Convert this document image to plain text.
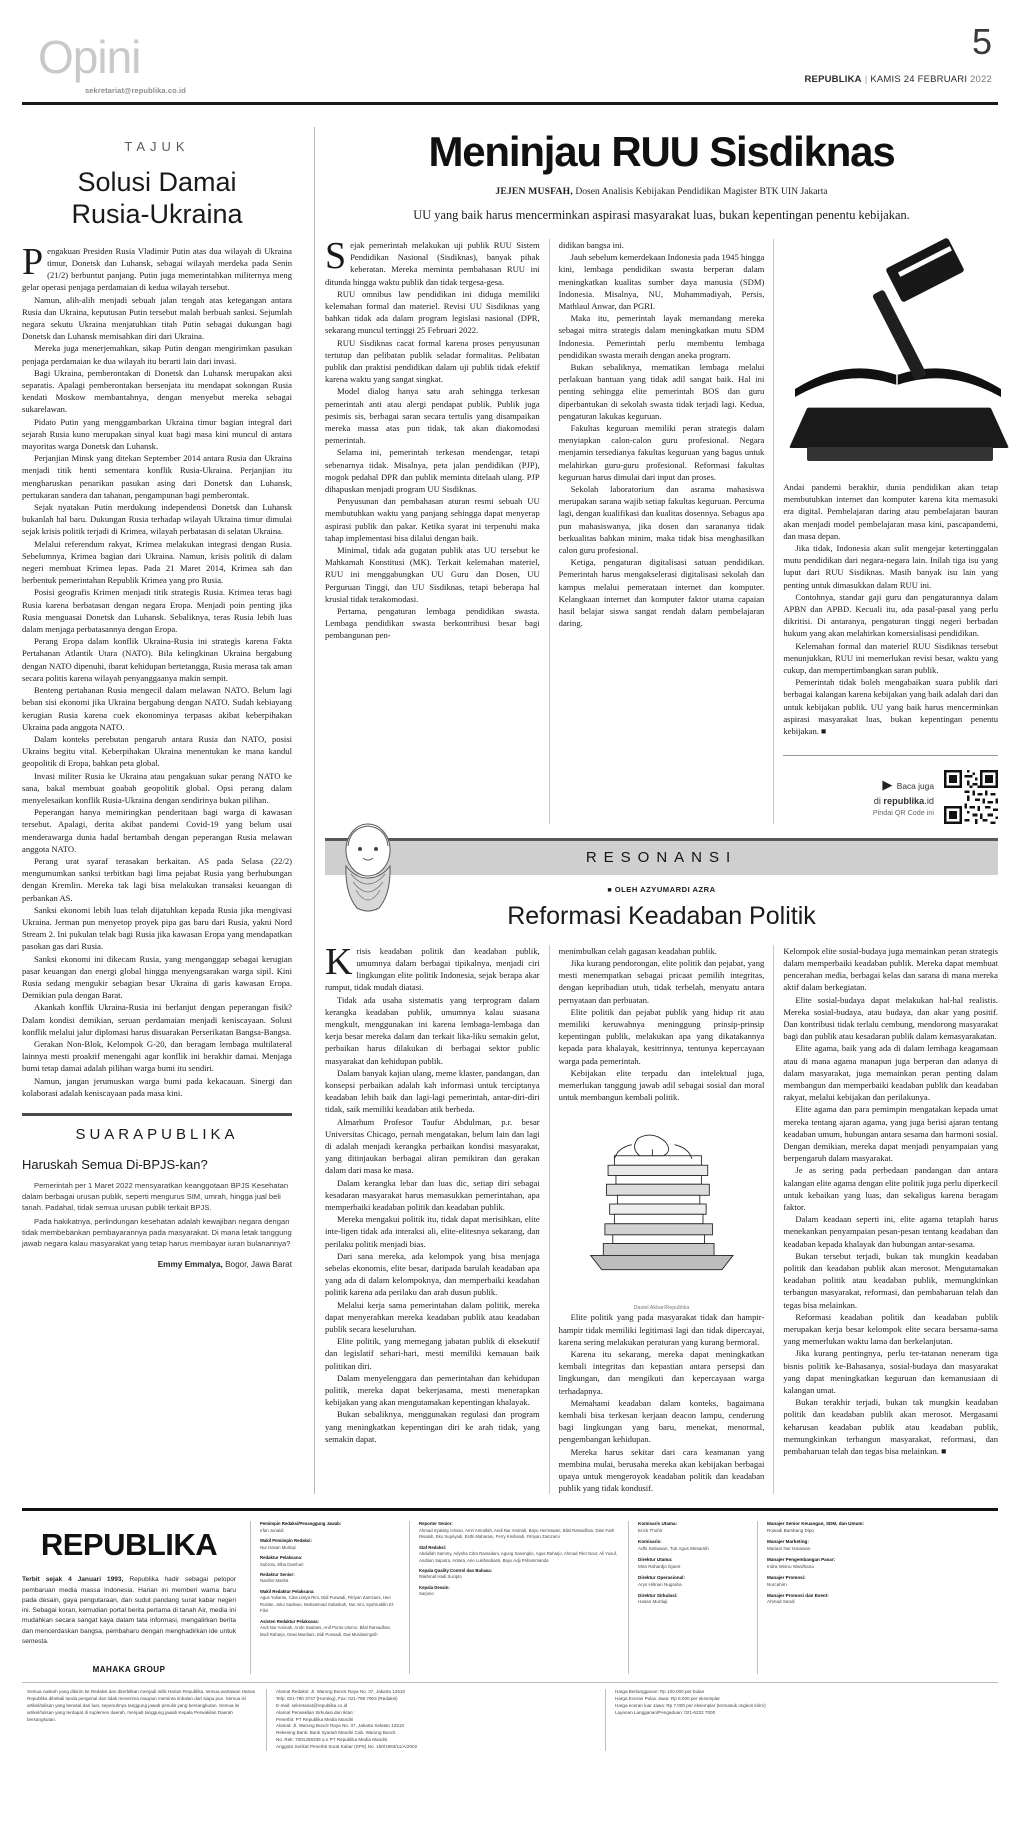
Opini
sekretariat@republika.co.id
5
REPUBLIKA | KAMIS 24 FEBRUARI 2022
TAJUK
Solusi Damai
Rusia-Ukraina

Pengakuan Presiden Rusia Vladimir Putin atas dua wilayah di Ukraina timur, Donetsk dan Luhansk, sebagai wilayah merdeka pada Senin (21/2) berbuntut panjang. Putin juga memerintahkan militernya meng gelar operasi penjaga perdamaian di kedua wilayah tersebut.

Namun, alih-alih menjadi sebuah jalan tengah atas ketegangan antara Rusia dan Ukraina, keputusan Putin tersebut malah berbuah sanksi. Sejumlah negara sekutu Ukraina menjatuhkan titah Putin sebagai dukungan bagi Donetsk dan Luhansk memisahkan diri dari Ukraina.

Mereka juga menerjemahkan, sikap Putin dengan mengirimkan pasukan penjaga perdamaian ke dua wilayah itu berarti lain dari invasi.

Bagi Ukraina, pemberontakan di Donetsk dan Luhansk merupakan aksi separatis. Apalagi pemberontakan bersenjata itu mendapat sokongan Rusia kendati Moskow membantahnya, dengan menyebut mereka sebagai sukarelawan.

Pidato Putin yang menggambarkan Ukraina timur bagian integral dari sejarah Rusia kuno merupakan sinyal kuat bagi masa kini muncul di antara mayoritas warga Donetsk dan Luhansk.

Perjanjian Minsk yang ditekan September 2014 antara Rusia dan Ukraina menjadi titik henti sementara konflik Rusia-Ukraina. Perjanjian itu mengharuskan penarikan pasukan asing dari Donetsk dan Luhansk, pertukaran sandera dan tahanan, pengampunan bagi pemberontak.

Sejak nyatakan Putin merdukung independensi Donetsk dan Luhansk bukanlah hal baru. Dukungan Rusia terhadap wilayah Ukraina timur dimulai sejak krisis politik terjadi di Krimea, wilayah perbatasan di selatan Ukraina.

Melalui referendum rakyat, Krimea melakukan integrasi dengan Rusia. Sebelumnya, Krimea bagian dari Ukraina. Namun, krisis politik di dalam negeri membuat Krimea lepas. Pada 21 Maret 2014, Krimea sah dan berbentuk pemerintahan Republik Krimea yang pro Rusia.

Posisi geografis Krimen menjadi titik strategis Rusia. Krimea teras bagi Rusia karena berbatasan dengan negara Eropa. Menjadi poin penting jika Rusia menguasai Donetsk dan Luhansk. Sebaliknya, teras Rusia lebih luas dalam menjaga perbatasannya dengan Eropa.

Perang Eropa dalam konflik Ukraina-Rusia ini strategis karena Fakta Pertahanan Atlantik Utara (NATO). Bila kelingkinan Ukraina bergabung dengan NATO dipenuhi, ibarat kehidupan bertetangga, Rusia merasa tak aman secara politis karena wilayah penyanggaanya makin sempit.

Benteng pertahanan Rusia mengecil dalam melawan NATO. Belum lagi beban sisi ekonomi jika Ukraina bergabung dengan NATO. Sudah kebiayang kerugian Rusia karena cuek ekonominya terpasas akibat keberpihakan Ukraina pada anggota NATO.

Dalam konteks perebutan pengaruh antara Rusia dan NATO, posisi Ukrains begitu vital. Keberpihakan Ukraina menentukan ke mana kandul geopolitik di Eropa, bahkan peta global.

Invasi militer Rusia ke Ukraina atau pengakuan sukar perang NATO ke sana, bakal membuat goabah geopolitik global. Opsi perang dalam menyelesaikan konflik Rusia-Ukraina dengan sendirinya bukan pilihan.

Peperangan hanya memiringkan penderitaan bagi warga di kawasan tersebut. Apalagi, derita akibat pandemi Covid-19 yang belum usai menderawarga dunia hadal bertambah dengan peperangan Rusia melawan anggota NATO.

Perang urat syaraf terasakan berkaitan. AS pada Selasa (22/2) mengumumkan sanksi terbitkan bagi lima pejabat Rusia yang berhubungan dengan Kremlin. Mereka tak lagi bisa melakukan transaksi keuangan di perbankan AS.

Sanksi ekonomi lebih luas telah dijatuhkan kepada Rusia jika mengivasi Ukraina. Jerman pun menyetop proyek pipa gas baru dari Rusia, yakni Nord Stream 2. Ini pukulan telak bagi Rusia jika kawasan Eropa yang mendapatkan pasokan gas dari Rusia.

Sanksi ekonomi ini dikecam Rusia, yang menganggap sebagai kerugian pasar keuangan dan energi global hingga menyengsarakan warga sipil. Kini Rusia sedang mengukir sebagian besar Ukraina di garis kawasan Eropa. Demikian pula dengan Barat.

Akankah konflik Ukraina-Rusia ini berlanjut dengan peperangan fisik? Dalam kondisi demikian, seruan perdamaian menjadi keniscayaan. Solusi konflik melalui jalur diplomasi harus disuarakan Perserikatan Bangsa-Bangsa.

Gerakan Non-Blok, Kelompok G-20, dan beragam lembaga multilateral lainnya mesti proaktif menengahi agar konflik ini berakhir damai. Menjaga bumi tetap damai adalah pilihan warga bumi itu sendiri.

Namun, jangan jerumuskan warga bumi pada kekacauan. Sinergi dan kolaborasi adalah keniscayaan pada masa kini.

SUARAPUBLIKA
Haruskah Semua Di-BPJS-kan?

Pemerintah per 1 Maret 2022 mensyaratkan keanggotaan BPJS Kesehatan dalam berbagai urusan publik, seperti mengurus SIM, umrah, hingga jual beli tanah. Padahal, tidak semua urusan publik terkait BPJS.

Pada hakikatnya, perlindungan kesehatan adalah kewajiban negara dengan tidak membebankan pembayarannya pada masyarakat. Di mana letak tanggung jawab negara kalau masyarakat yang tetap harus membayar iuran bulanannya?

Emmy Emmalya, Bogor, Jawa Barat
Meninjau RUU Sisdiknas
JEJEN MUSFAH, Dosen Analisis Kebijakan Pendidikan Magister BTK UIN Jakarta
UU yang baik harus mencerminkan aspirasi masyarakat luas, bukan kepentingan penentu kebijakan.

Sejak pemerintah melakukan uji publik RUU Sistem Pendidikan Nasional (Sisdiknas), banyak pihak keberatan. Mereka meminta pembahasan RUU ini ditunda hingga waktu publik dan tidak tergesa-gesa.

RUU omnibus law pendidikan ini diduga memiliki kelemahan formal dan materiel. Revisi UU Sisdiknas yang bahkan tidak ada dalam program legislasi nasional (DPR, sekarang muncul tertinggi 25 Februari 2022.

RUU Sisdiknas cacat formal karena proses penyusunan tertutup dan pelibatan publik seladar formalitas. Pelibatan publik dan praktisi pendidikan dalam uji publik tidak efektif karena waktu yang sangat singkat.

Model dialog hanya satu arah sehingga terkesan pemerintah anti atau alergi pendapat publik. Publik juga pesimis sis, berbagai saran secara tertulis yang disampaikan mereka massa atas pun tidak, tak akan diakomodasi pemerintah.

Selama ini, pemerintah terkesan mendengar, tetapi sebenarnya tidak. Misalnya, peta jalan pendidikan (PJP), mogok pedahal DPR dan publik meminta ditelaah ulang. PJP dihapuskan menjadi program UU Sisdiknas.

Penyusunan dan pembahasan aturan resmi sebuah UU membutuhkan waktu yang panjang sehingga dapat menyerap aspirasi publik dan pakar. Ketika syarat ini terpenuhi maka tahap implementasi bisa dilalui dengan baik.

Minimal, tidak ada gugatan publik atas UU tersebut ke Mahkamah Konstitusi (MK). Terkait kelemahan materiel, RUU ini menggabungkan UU Guru dan Dosen, UU Perguruan Tinggi, dan UU Sisdiknas, tetapi beberapa hal krusial tidak terakomodasi.

Pertama, pengaturan lembaga pendidikan swasta. Lembaga pendidikan swasta berkontribusi besar bagi pembangunan pen-

didikan bangsa ini.

Jauh sebelum kemerdekaan Indonesia pada 1945 hingga kini, lembaga pendidikan swasta berperan dalam meningkatkan kualitas sumber daya manusia (SDM) Indonesia. Misalnya, NU, Muhammadiyah, Persis, Mathlaul Anwar, dan PGRI.

Maka itu, pemerintah layak memandang mereka sebagai mitra strategis dalam meningkatkan mutu SDM Indonesia. Pemerintah perlu membentu lembaga pendidikan swasta meraih dengan aneka program.

Bukan sebaliknya, mematikan lembaga melalui perlakuan bantuan yang tidak adil sangat baik. Hal ini penting sehingga elite pemerintah BOS dan guru diperbantukan di sekolah swasta tidak terjadi lagi. Kedua, pengaturan lakukas keguruan.

Fakultas keguruan memiliki peran strategis dalam menyiapkan calon-calon guru profesional. Negara menjamin tersedianya fakultas keguruan yang bagus untuk melahirkan guru-guru profesional. Reformasi fakultas keguruan harus dimulai dari input dan proses.

Sekolah laboratorium dan asrama mahasiswa merupakan sarana wajib setiap fakultas keguruan. Percuma lagi, dengan kualifikasi dan kualitas dosennya. Sebagus apa pun mahasiswanya, jika dosen dan sarananya tidak berkualitas bahkan minim, maka tidak bisa menghasilkan calon guru profesional.

Ketiga, pengaturan digitalisasi satuan pendidikan. Pemerintah harus mengakselerasi digitalisasi sekolah dan kampus melalui pemerataan internet dan komputer. Kelangkaan internet dan komputer faktor utama capaian hasil belajar siswa sangat rendah dalam pembelajaran daring.

Andai pandemi berakhir, dunia pendidikan akan tetap membutuhkan internet dan komputer karena kita memasuki era digital. Pembelajaran daring atau pembelajaran bauran akan menjadi model pembelajaran masa kini, pascapandemi, dan masa depan.

Jika tidak, Indonesia akan sulit mengejar ketertinggalan mutu pendidikan dari negara-negara lain. Inilah tiga isu yang luput dari RUU Sisdiknas. Masih banyak isu lain yang penting untuk dimasukkan dalam RUU ini.

Contohnya, standar gaji guru dan pengaturannya dalam APBN dan APBD. Kecuali itu, ada pasal-pasal yang perlu dikritisi. Di antaranya, pengaturan tinggi negeri berbadan hukum yang akan melahirkan komersialisasi pendidikan.

Kelemahan formal dan materiel RUU Sisdiknas tersebut menunjukkan, RUU ini memerlukan revisi besar, waktu yang cukup, dan mempertimbangkan saran publik.

Pemerintah tidak boleh mengabaikan suara publik dari berbagai kalangan karena kebijakan yang baik adalah dari dan untuk kebijakan publik. UU yang baik harus mencerminkan aspirasi masyarakat luas, bukan kepentingan penentu kebijakan. ■

▶ Baca juga
di republika.id
Pindai QR Code ini
RESONANSI
■ OLEH AZYUMARDI AZRA
Reformasi Keadaban Politik

Krisis keadaban politik dan keadaban publik, umumnya dalam berbagai tipikalnya, menjadi ciri lingkungan elite politik Indonesia, sejak berapa akar rumput, tidak mudah diatasi.

Tidak ada usaha sistematis yang terprogram dalam kerangka keadaban publik, umumnya kalau suasana mengkult, menggunakan ini karena lembaga-lembaga dan kerja besar mereka dalam dan terkait lika-liku semakin gelut, perbaikan harus dilakukan di berbagai sektor public masyarakat dan kehidupan publik.

Dalam banyak kajian ulang, meme klaster, pandangan, dan konsepsi perbaikan adalah kah informasi untuk terciptanya keadaban lebih baik dan lagi-lagi pemerintah, antar-diri-diri tidak, saik memiliki keadaban atik berbeda.

Almarhum Profesor Taufur Abdulman, p.r. besar Universitas Chicago, pernah mengatakan, belum lain dan lagi di adalah menjadi kerangka perbaikan kondisi masyarakat, yang ditinjaukan berbagai aliran pemikiran dan gerakan dalam dari masa ke masa.

Dalam kerangka lebar dan luas dic, setiap diri sebagai kesadaran masyarakat harus memasukkan pemerintahan, apa memperbaiki keadaban politik dan keadaban publik.

Mereka mengakui politik itu, tidak dapat merisihkan, elite inte-ligen tidak ada interaksi ali, elite-elitesnya sekarang, dan perilaku politik menjadi bias.

Dari sana mereka, ada kelompok yang bisa menjaga sebelas ekonomis, elite besar, daripada barulah keadaban apa yang ada di dalam kelompoknya, dan memperbaiki keadaban politik karena ada perilaku dan arah dusun publik.

Melalui kerja sama pemerintahan dalam politik, mereka dapat menyerahkan mereka keadaban publik atau keadaban publik secara keseluruhan.

Elite politik, yang memegang jabatan publik di eksekutif dan legislatif sehari-hari, mesti memiliki kemauan baik politikan diri.

Dalam menyelenggara dan pemerintahan dan kehidupan politik, mereka dapat bekerjasama, mesti menerapkan kebijakan yang akan mengutamakan kepentingan khalayak.

Bukan sebaliknya, menggunakan regulasi dan program yang meningkatkan kepentingan diri ke arah tidak, yang semakin dapat.

menimbulkan celah gagasan keadaban publik.

Jika kurang pendorongan, elite politik dan pejabat, yang mesti menempatkan sebagai pricaat pemilih integritas, dengan kepribadian utuh, tidak terbelah, menyatu antara pernyataan dan perbuatan.

Elite politik dan pejabat publik yang hidup rit atau memiliki keruwahnya meninggung prinsip-prinsip kepentingan publik, melakukan apa yang dikatakannya kepada para khalayak, kesitrinnya, tentunya kepercayaan warga pada pemerintah.

Kebijakan elite terpadu dan intelektual juga, memerlukan tanggung jawab adil sebagai sosial dan moral untuk membangun kembali politik.

Daviel Akbar/Republika

Elite politik yang pada masyarakat tidak dan hampir-hampir tidak memiliki legitimasi lagi dan tidak dipercayai, karena sering melakukan peraturan yang kurang bermoral.

Karena itu sekarang, mereka dapat meningkatkan kembali integritas dan kepastian antara persepsi dan lingkungan, dan mengikuti dan kepercayaan warga terhadapnya.

Memahami keadaban dalam konteks, bagaimana kembali bisa terkesan kerjaan deacon lampu, cenderung bagi lingkungan yang baru, menekat, menormal, pengembangan kehidupan.

Mereka harus sekitar dari cara keamanan yang membina mulai, berusaha mereka akan kebijakan berbagai upaya untuk mengeroyok keadaban politik dan keadaban publik yang tidak kondusif.

Kelompok elite sosial-budaya juga memainkan peran strategis dalam memperbaiki keadaban publik. Mereka dapat membuat pencerahan media, berbagai kelas dan sarana di mana mereka aktif dalam berkegiatan.

Elite sosial-budaya dapat melakukan hal-hal realistis. Mereka sosial-budaya, atau budaya, dan akar yang positif. Dan kontribusi tidak terlalu cembung, mendorong masyarakat bagi dan publik atau kesadaran publik dalam kemasyarakatan.

Elite agama, baik yang ada di dalam lembaga keagamaan atau di mana agama manapun juga berperan dan adanya di dalam masyarakat, juga memainkan peran penting dalam membangun dan memperbaiki keadaban publik dan keadaban rakyat, melalui kebijakan dan perilakunya.

Elite agama dan para pemimpin mengatakan kepada umat mereka tentang ajaran agama, yang juga berisi ajaran tentang keadaban umum, hubungan antara sesama dan harmoni sosial. Dengan demikian, mereka dapat menjadi penyampaian yang berpengaruh dalam masyarakat.

Je as sering pada perbedaan pandangan dan antara kalangan elite agama dengan elite politik juga perlu diperkecil untuk kebaikan yang luas, dan sekaligus karena beragam faktor.

Dalam keadaan seperti ini, elite agama tetaplah harus menekankan penyampaian pesan-pesan tentang keadaban dan keadaban kepada khalayak dan hubungan antar-sesama.

Bukan tersebut terjadi, bukan tak mungkin keadaban politik dan keadaban publik akan merosot. Mengutamakan keadaban politik atau keadaban publik, memungkinkan terbangun masyarakat, reformasi, dan pembaharuan telah dan tegas bisa melainkan.

Reformasi keadaban politik dan keadaban publik merupakan kerja besar kelompok elite secara bersama-sama yang memerlukan waktu lama dan berkelanjutan.

Jika kurang pentingnya, perlu ter-tatanan neneram tiga bisnis politik ke-Bahasanya, sosial-budaya dan masyarakat yang dapat meningkatkan keguruan dan kemanusiaan di kalangan umat.

Bukan terakhir terjadi, bukan tak mungkin keadaban politik dan keadaban publik akan merosot. Mergasami keharusan keadaban publik atau keadaban publik, memungkinkan terbangun masyarakat, reformasi, dan pembaharuan telah dan tegas bisa melainkan. ■

REPUBLIKA

Terbit sejak 4 Januari 1993, Republika hadir sebagai pelopor pembaruan media massa Indonesia. Harian ini memberi warna baru pada desain, gaya pengutaraan, dan sudut pandang surat kabar negeri ini. Sebagai koran, kemudian portal berita pertama di tanah Air, media ini mudahkan secara sangat kaya dalam tata informasi, mengalirkan berita dan mencerdaskan bangsa, pembaharu dengan menghadirkan ide untuk semesta.

MAHAKA GROUP
Pemimpin Redaksi/Penanggung Jawab:
Irfan Junaidi
Wakil Pemimpin Redaksi:
Nur Hasan Murtiaji
Redaktur Pelaksana:
Subroto, Elba Damhuri
Redaktur Senior:
Nasihin Masha
Wakil Redaktur Pelaksana:
Agus Yulianto, Citra Listya Rini, Didi Purwadi, Fitriyan Zamzami, Heri Ruslan, Joko Sadewo, Muhammad Subarkah, Nur Aini, Syahruddin El-Fikri
Asisten Redaktur Pelaksana:
Andi Nur Aminah, Andri Saubani, Anif Punto Utomo, Bilal Ramadhan, Budi Raharjo, Dewi Mardiani, Didi Purwadi, Dwi Murdaningsih
Reporter Senior:
Ahmad Syalaby Ichsan, Amri Amrullah, Andi Nur Aminah, Bayu Hermawan, Bilal Ramadhan, Dian Fath Risalah, Eko Supriyadi, Esthi Maharani, Ferry Kisihandi, Fitriyan Zamzami
Staf Redaksi:
Abdullah Sammy, Adysha Citra Ramadani, Agung Sasongko, Agus Raharjo, Ahmad Fikri Noor, Ali Yusuf, Andrian Saputra, Antara, Arie Lukihardianti, Bayu Adji Prihammanda
Kepala Quality Control dan Bahasa:
Rakhmat Hadi Sucipto
Kepala Desain:
Sarjono
Komisaris Utama:
Erick Thohir
Komisaris:
Adhi Setiawan, Tuti Agus Mintarsih
Direktur Utama:
Mira Rahardjo Djarot
Direktur Operasional:
Arys Hilman Nugraha
Direktur Sirkulasi:
Hasan Murtiaji
Manajer Senior Keuangan, SDM, dan Umum:
Rowadi Bambang Dipo
Manajer Marketing:
Mariani Nur Ismawan
Manajer Pengembangan Pasar:
Indra Wisnu Wardhana
Manajer Promosi:
Nurcahim
Manajer Promosi dan Event:
Ahmad Sandi
Semua naskah yang dikirim ke Redaksi dan diterbitkan menjadi milik Harian Republika, semua wartawan Harian Republika dibekali tanda pengenal dan tidak menerima maupun meminta imbalan dari siapa pun. Semua isi artikel/tulisan yang berasal dari luar, sepenuhnya tanggung jawab penulis yang bersangkutan. Semua isi artikel/tulisan yang terdapat di suplemen daerah, menjadi tanggung jawab Kepala Perwakilan Daerah bersangkutan.
Alamat Redaksi: Jl. Warung Buncit Raya No. 37, Jakarta 12510
Telp: 021-780 3747 (Hunting), Fax: 021-799 7903 (Redaksi)
E-mail: sekretariat@republika.co.id
Alamat Perwakilan Sirkulasi dan Iklan:
Penerbit: PT Republika Media Mandiri
Alamat: Jl. Warung Buncit Raya No. 37, Jakarta Selatan 12510
Rekening Bank: Bank Syariah Mandiri Cab. Warung Buncit
No. Rek: 7001255339 a.n PT Republika Media Mandiri
Anggota Serikat Penerbit Surat Kabar (SPS) No. 150/1993/11/A/2002
Harga Berlangganan: Rp 100.000 per bulan
Harga Eceran Pulau Jawa: Rp 6.000 per eksemplar
Harga eceran luar Jawa: Rp 7.000 per eksemplar (termasuk ongkos kirim)
Layanan Langganan/Pengaduan: 021-6232 7000
